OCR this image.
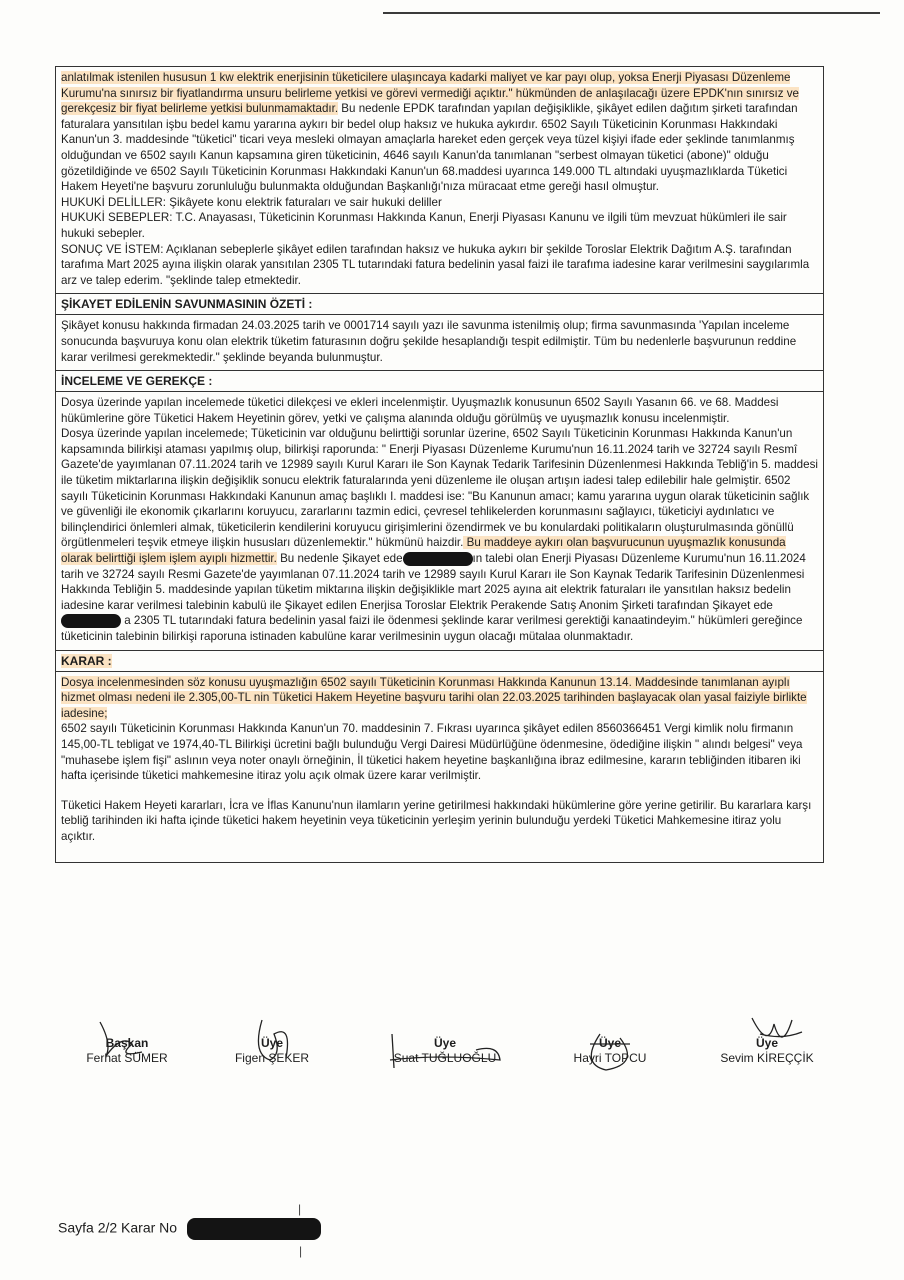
anlatılmak istenilen hususun 1 kw elektrik enerjisinin tüketicilere ulaşıncaya kadarki maliyet ve kar payı olup, yoksa Enerji Piyasası Düzenleme Kurumu'na sınırsız bir fiyatlandırma unsuru belirleme yetkisi ve görevi vermediği açıktır." hükmünden de anlaşılacağı üzere EPDK'nın sınırsız ve gerekçesiz bir fiyat belirleme yetkisi bulunmamaktadır. Bu nedenle EPDK tarafından yapılan değişiklikle, şikâyet edilen dağıtım şirketi tarafından faturalara yansıtılan işbu bedel kamu yararına aykırı bir bedel olup haksız ve hukuka aykırdır. 6502 Sayılı Tüketicinin Korunması Hakkındaki Kanun'un 3. maddesinde "tüketici" ticari veya mesleki olmayan amaçlarla hareket eden gerçek veya tüzel kişiyi ifade eder şeklinde tanımlanmış olduğundan ve 6502 sayılı Kanun kapsamına giren tüketicinin, 4646 sayılı Kanun'da tanımlanan "serbest olmayan tüketici (abone)" olduğu gözetildiğinde ve 6502 Sayılı Tüketicinin Korunması Hakkındaki Kanun'un 68.maddesi uyarınca 149.000 TL altındaki uyuşmazlıklarda Tüketici Hakem Heyeti'ne başvuru zorunluluğu bulunmakta olduğundan Başkanlığı'nıza müracaat etme gereği hasıl olmuştur.

HUKUKİ DELİLLER: Şikâyete konu elektrik faturaları ve sair hukuki deliller

HUKUKİ SEBEPLER: T.C. Anayasası, Tüketicinin Korunması Hakkında Kanun, Enerji Piyasası Kanunu ve ilgili tüm mevzuat hükümleri ile sair hukuki sebepler.

SONUÇ VE İSTEM: Açıklanan sebeplerle şikâyet edilen tarafından haksız ve hukuka aykırı bir şekilde Toroslar Elektrik Dağıtım A.Ş. tarafından tarafıma Mart 2025 ayına ilişkin olarak yansıtılan 2305 TL tutarındaki fatura bedelinin yasal faizi ile tarafıma iadesine karar verilmesini saygılarımla arz ve talep ederim. "şeklinde talep etmektedir.

ŞİKAYET EDİLENİN SAVUNMASININ ÖZETİ :

Şikâyet konusu hakkında firmadan 24.03.2025 tarih ve 0001714 sayılı yazı ile savunma istenilmiş olup; firma savunmasında 'Yapılan inceleme sonucunda başvuruya konu olan elektrik tüketim faturasının doğru şekilde hesaplandığı tespit edilmiştir. Tüm bu nedenlerle başvurunun reddine karar verilmesi gerekmektedir." şeklinde beyanda bulunmuştur.

İNCELEME VE GEREKÇE :

Dosya üzerinde yapılan incelemede tüketici dilekçesi ve ekleri incelenmiştir. Uyuşmazlık konusunun 6502 Sayılı Yasanın 66. ve 68. Maddesi hükümlerine göre Tüketici Hakem Heyetinin görev, yetki ve çalışma alanında olduğu görülmüş ve uyuşmazlık konusu incelenmiştir.

Dosya üzerinde yapılan incelemede; Tüketicinin var olduğunu belirttiği sorunlar üzerine, 6502 Sayılı Tüketicinin Korunması Hakkında Kanun'un kapsamında bilirkişi ataması yapılmış olup, bilirkişi raporunda: " Enerji Piyasası Düzenleme Kurumu'nun 16.11.2024 tarih ve 32724 sayılı Resmî Gazete'de yayımlanan 07.11.2024 tarih ve 12989 sayılı Kurul Kararı ile Son Kaynak Tedarik Tarifesinin Düzenlenmesi Hakkında Tebliğ'in 5. maddesi ile tüketim miktarlarına ilişkin değişiklik sonucu elektrik faturalarında yeni düzenleme ile oluşan artışın iadesi talep edilebilir hale gelmiştir. 6502 sayılı Tüketicinin Korunması Hakkındaki Kanunun amaç başlıklı I. maddesi ise: "Bu Kanunun amacı; kamu yararına uygun olarak tüketicinin sağlık ve güvenliği ile ekonomik çıkarlarını koruyucu, zararlarını tazmin edici, çevresel tehlikelerden korunmasını sağlayıcı, tüketiciyi aydınlatıcı ve bilinçlendirici önlemleri almak, tüketicilerin kendilerini koruyucu girişimlerini özendirmek ve bu konulardaki politikaların oluşturulmasında gönüllü örgütlenmeleri teşvik etmeye ilişkin hususları düzenlemektir." hükmünü haizdir. Bu maddeye aykırı olan başvurucunun uyuşmazlık konusunda olarak belirttiği işlem işlem ayıplı hizmettir. Bu nedenle Şikayet ede	ın talebi olan Enerji Piyasası Düzenleme Kurumu'nun 16.11.2024 tarih ve 32724 sayılı Resmi Gazete'de yayımlanan 07.11.2024 tarih ve 12989 sayılı Kurul Kararı ile Son Kaynak Tedarik Tarifesinin Düzenlenmesi Hakkında Tebliğin 5. maddesinde yapılan tüketim miktarına ilişkin değişiklikle mart 2025 ayına ait elektrik faturaları ile yansıtılan haksız bedelin iadesine karar verilmesi talebinin kabulü ile Şikayet edilen Enerjisa Toroslar Elektrik Perakende Satış Anonim Şirketi tarafından Şikayet ede a 2305 TL tutarındaki fatura bedelinin yasal faizi ile ödenmesi şeklinde karar verilmesi gerektiği kanaatindeyim." hükümleri gereğince tüketicinin talebinin bilirkişi raporuna istinaden kabulüne karar verilmesinin uygun olacağı mütalaa olunmaktadır.

KARAR :

Dosya incelenmesinden söz konusu uyuşmazlığın 6502 sayılı Tüketicinin Korunması Hakkında Kanunun 13.14. Maddesinde tanımlanan ayıplı hizmet olması nedeni ile 2.305,00-TL nin Tüketici Hakem Heyetine başvuru tarihi olan 22.03.2025 tarihinden başlayacak olan yasal faiziyle birlikte iadesine;

6502 sayılı Tüketicinin Korunması Hakkında Kanun'un 70. maddesinin 7. Fıkrası uyarınca şikâyet edilen 8560366451 Vergi kimlik nolu firmanın 145,00-TL tebligat ve 1974,40-TL Bilirkişi ücretini bağlı bulunduğu Vergi Dairesi Müdürlüğüne ödenmesine, ödediğine ilişkin " alındı belgesi" veya "muhasebe işlem fişi" aslının veya noter onaylı örneğinin, İl tüketici hakem heyetine başkanlığına ibraz edilmesine, kararın tebliğinden itibaren iki hafta içerisinde tüketici mahkemesine itiraz yolu açık olmak üzere karar verilmiştir.

Tüketici Hakem Heyeti kararları, İcra ve İflas Kanunu'nun ilamların yerine getirilmesi hakkındaki hükümlerine göre yerine getirilir. Bu kararlara karşı tebliğ tarihinden iki hafta içinde tüketici hakem heyetinin veya tüketicinin yerleşim yerinin bulunduğu yerdeki Tüketici Mahkemesine itiraz yolu açıktır.

Başkan
Ferhat SÜMER
Üye
Figen ŞEKER
Üye
Suat TUĞLUOĞLU
Üye
Hayri TOPCU
Üye
Sevim KİREÇÇİK
Sayfa 2/2 Karar No
|
|
